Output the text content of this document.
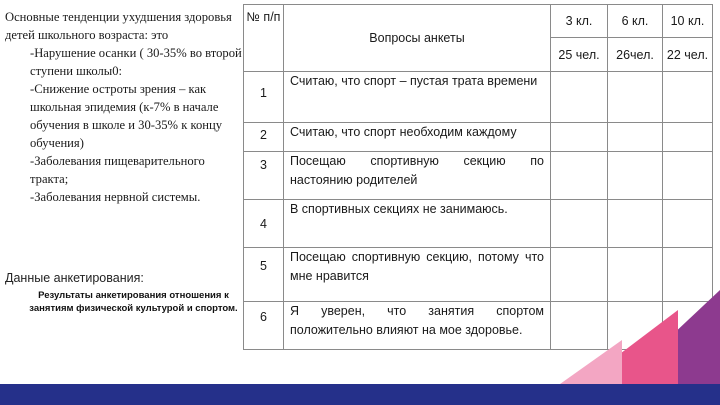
Основные тенденции ухудшения здоровья детей школьного возраста: это

-Нарушение осанки ( 30-35% во второй ступени школы0:

-Снижение остроты зрения – как школьная эпидемия (к-7% в начале обучения в школе и 30-35% к концу обучения)

-Заболевания пищеварительного тракта;

-Заболевания нервной системы.

Данные анкетирования:
Результаты анкетирования отношения к занятиям физической культурой и спортом.
№ п/п	Вопросы анкеты	3 кл.	6 кл.	10 кл.
		25 чел.	26чел.	22 чел.
1	Считаю, что спорт – пустая трата времени			
2	Считаю, что спорт необходим каждому			
3	Посещаю спортивную секцию по настоянию родителей			
4	В спортивных секциях не занимаюсь.			
5	Посещаю спортивную секцию, потому что мне нравится			
6	Я уверен, что занятия спортом положительно влияют на мое здоровье.			
